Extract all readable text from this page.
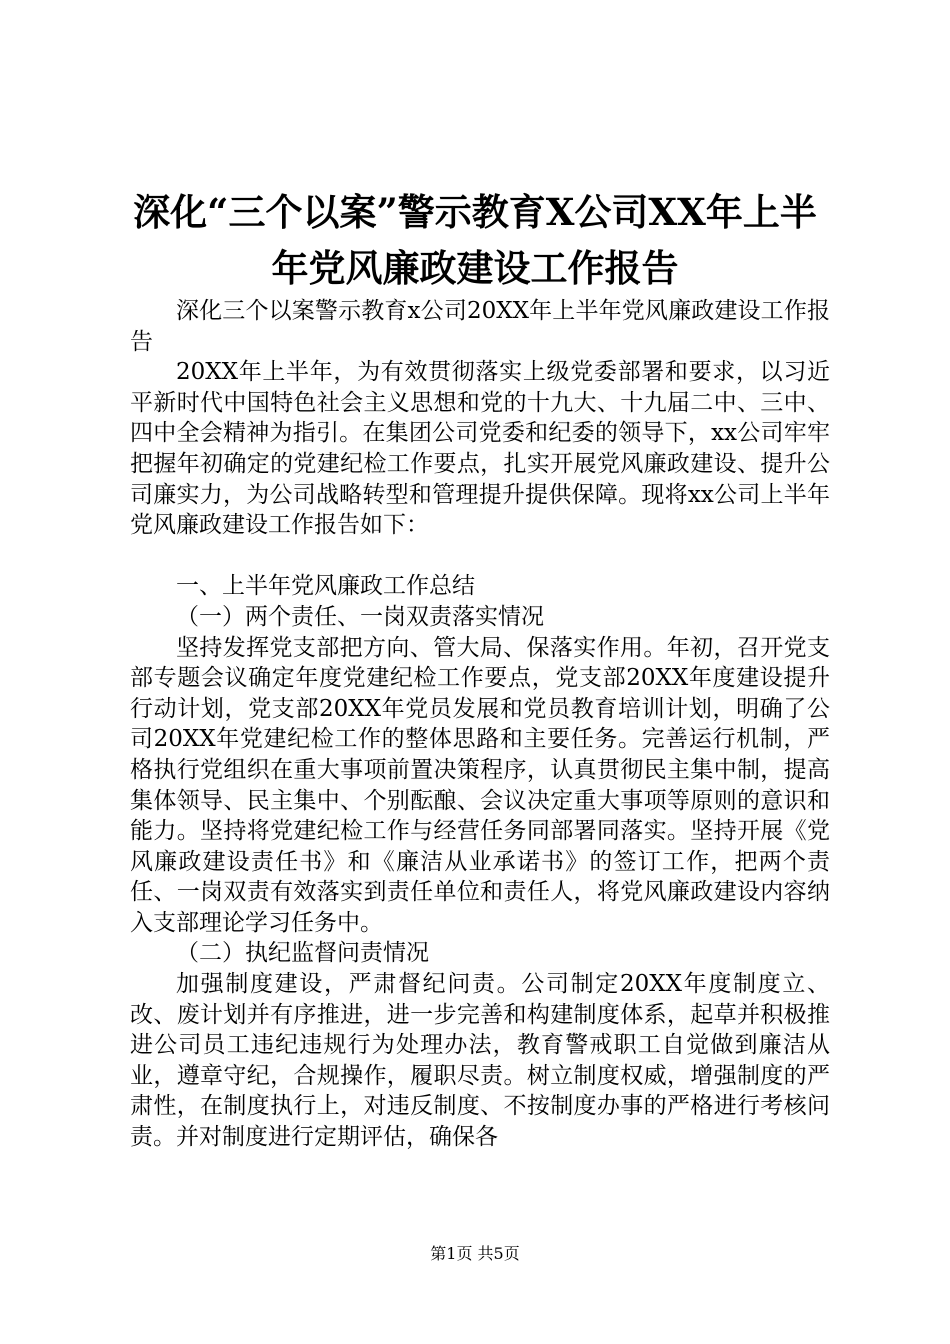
深化“三个以案”警示教育X公司XX年上半
年党风廉政建设工作报告

深化三个以案警示教育x公司20XX年上半年党风廉政建设工作报告

20XX年上半年，为有效贯彻落实上级党委部署和要求，以习近平新时代中国特色社会主义思想和党的十九大、十九届二中、三中、四中全会精神为指引。在集团公司党委和纪委的领导下，xx公司牢牢把握年初确定的党建纪检工作要点，扎实开展党风廉政建设、提升公司廉实力，为公司战略转型和管理提升提供保障。现将xx公司上半年党风廉政建设工作报告如下：

一、上半年党风廉政工作总结

（一）两个责任、一岗双责落实情况

坚持发挥党支部把方向、管大局、保落实作用。年初，召开党支部专题会议确定年度党建纪检工作要点，党支部20XX年度建设提升行动计划，党支部20XX年党员发展和党员教育培训计划，明确了公司20XX年党建纪检工作的整体思路和主要任务。完善运行机制，严格执行党组织在重大事项前置决策程序，认真贯彻民主集中制，提高集体领导、民主集中、个别酝酿、会议决定重大事项等原则的意识和能力。坚持将党建纪检工作与经营任务同部署同落实。坚持开展《党风廉政建设责任书》和《廉洁从业承诺书》的签订工作，把两个责任、一岗双责有效落实到责任单位和责任人，将党风廉政建设内容纳入支部理论学习任务中。

（二）执纪监督问责情况

加强制度建设，严肃督纪问责。公司制定20XX年度制度立、改、废计划并有序推进，进一步完善和构建制度体系，起草并积极推进公司员工违纪违规行为处理办法，教育警戒职工自觉做到廉洁从业，遵章守纪，合规操作，履职尽责。树立制度权威，增强制度的严肃性，在制度执行上，对违反制度、不按制度办事的严格进行考核问责。并对制度进行定期评估，确保各

第1页 共5页
